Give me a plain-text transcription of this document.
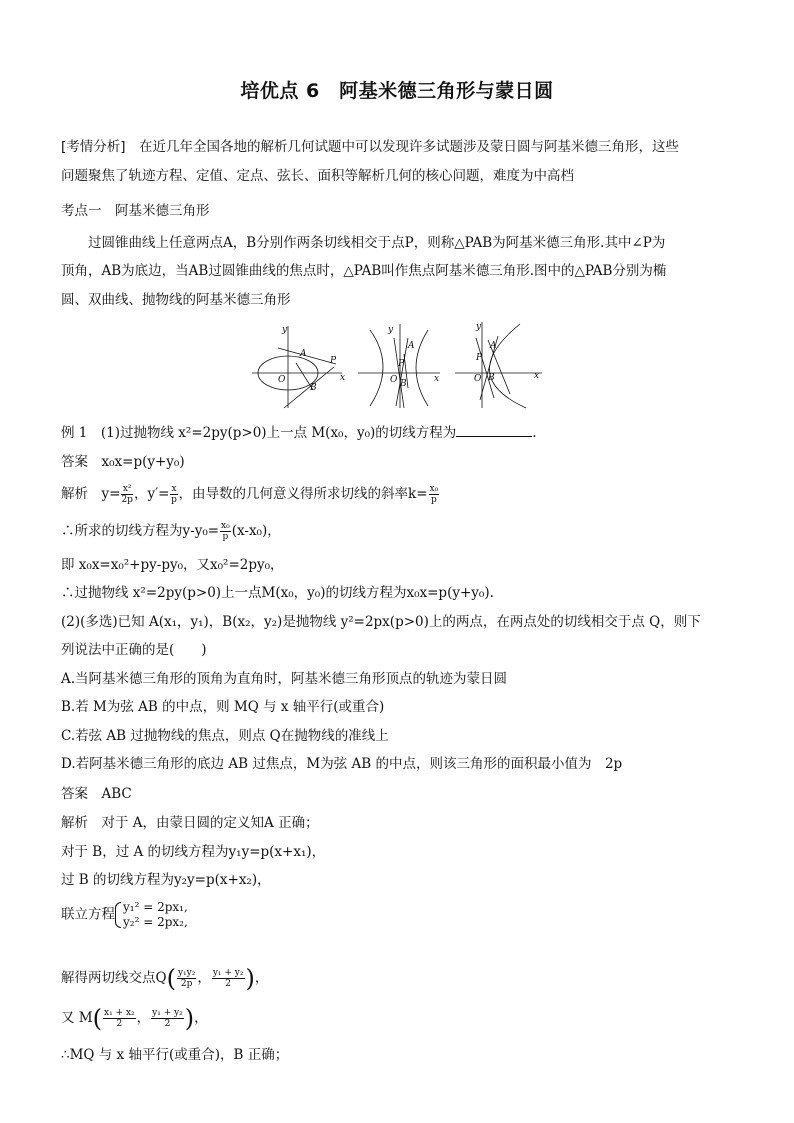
培优点 6　阿基米德三角形与蒙日圆
[考情分析]　在近几年全国各地的解析几何试题中可以发现许多试题涉及蒙日圆与阿基米德三角形，这些
问题聚焦了轨迹方程、定值、定点、弦长、面积等解析几何的核心问题，难度为中高档
考点一　阿基米德三角形
　　过圆锥曲线上任意两点A，B分别作两条切线相交于点P，则称△PAB为阿基米德三角形.其中∠P为
顶角，AB为底边，当AB过圆锥曲线的焦点时，△PAB叫作焦点阿基米德三角形.图中的△PAB分别为椭
圆、双曲线、抛物线的阿基米德三角形
y
x
O
A
B
P
y
x
O
A
B
P
y
x
O
A
B
P
例 1　(1)过抛物线 x²=2py(p>0)上一点 M(x₀，y₀)的切线方程为	.
答案　 x₀x=p(y+y₀)
解析　 $y= \frac{\text{x²}}{2p}$ ，$y'= \frac{x}{p}$ ，由导数的几何意义得所求切线的斜率$k= \frac{\text{x₀}}{p}$
∴所求的切线方程为$y-y_0= \frac{\text{x₀}}{p} (x-x_0)$，
即 x₀x=x₀²+py-py₀，又x₀²=2py₀，
∴过抛物线 x²=2py(p>0)上一点M(x₀，y₀)的切线方程为x₀x=p(y+y₀).
(2)(多选)已知 A(x₁，y₁)，B(x₂，y₂)是抛物线 y²=2px(p>0)上的两点，在两点处的切线相交于点 Q，则下
列说法中正确的是(　　)
A.当阿基米德三角形的顶角为直角时，阿基米德三角形顶点的轨迹为蒙日圆
B.若 M为弦 AB 的中点，则 MQ 与 x 轴平行(或重合)
C.若弦 AB 过抛物线的焦点，则点 Q在抛物线的准线上
D.若阿基米德三角形的底边 AB 过焦点，M为弦 AB 的中点，则该三角形的面积最小值为　2p
答案　 ABC
解析　 对于 A，由蒙日圆的定义知A 正确；
对于 B，过 A 的切线方程为y₁y=p(x+x₁)，
过 B 的切线方程为y₂y=p(x+x₂)，
联立方程 y₁² = 2px₁,
y₂² = 2px₂,
解得两切线交点$Q( \frac{\text{y₁y₂}}{2p}$ ， $\frac{\text{y₁ + y₂}}{2}$ )，
又 $M( \frac{\text{x₁ + x₂}}{2}$ ， $\frac{\text{y₁ + y₂}}{2}$ )，
∴MQ 与 x 轴平行(或重合)，B 正确；
